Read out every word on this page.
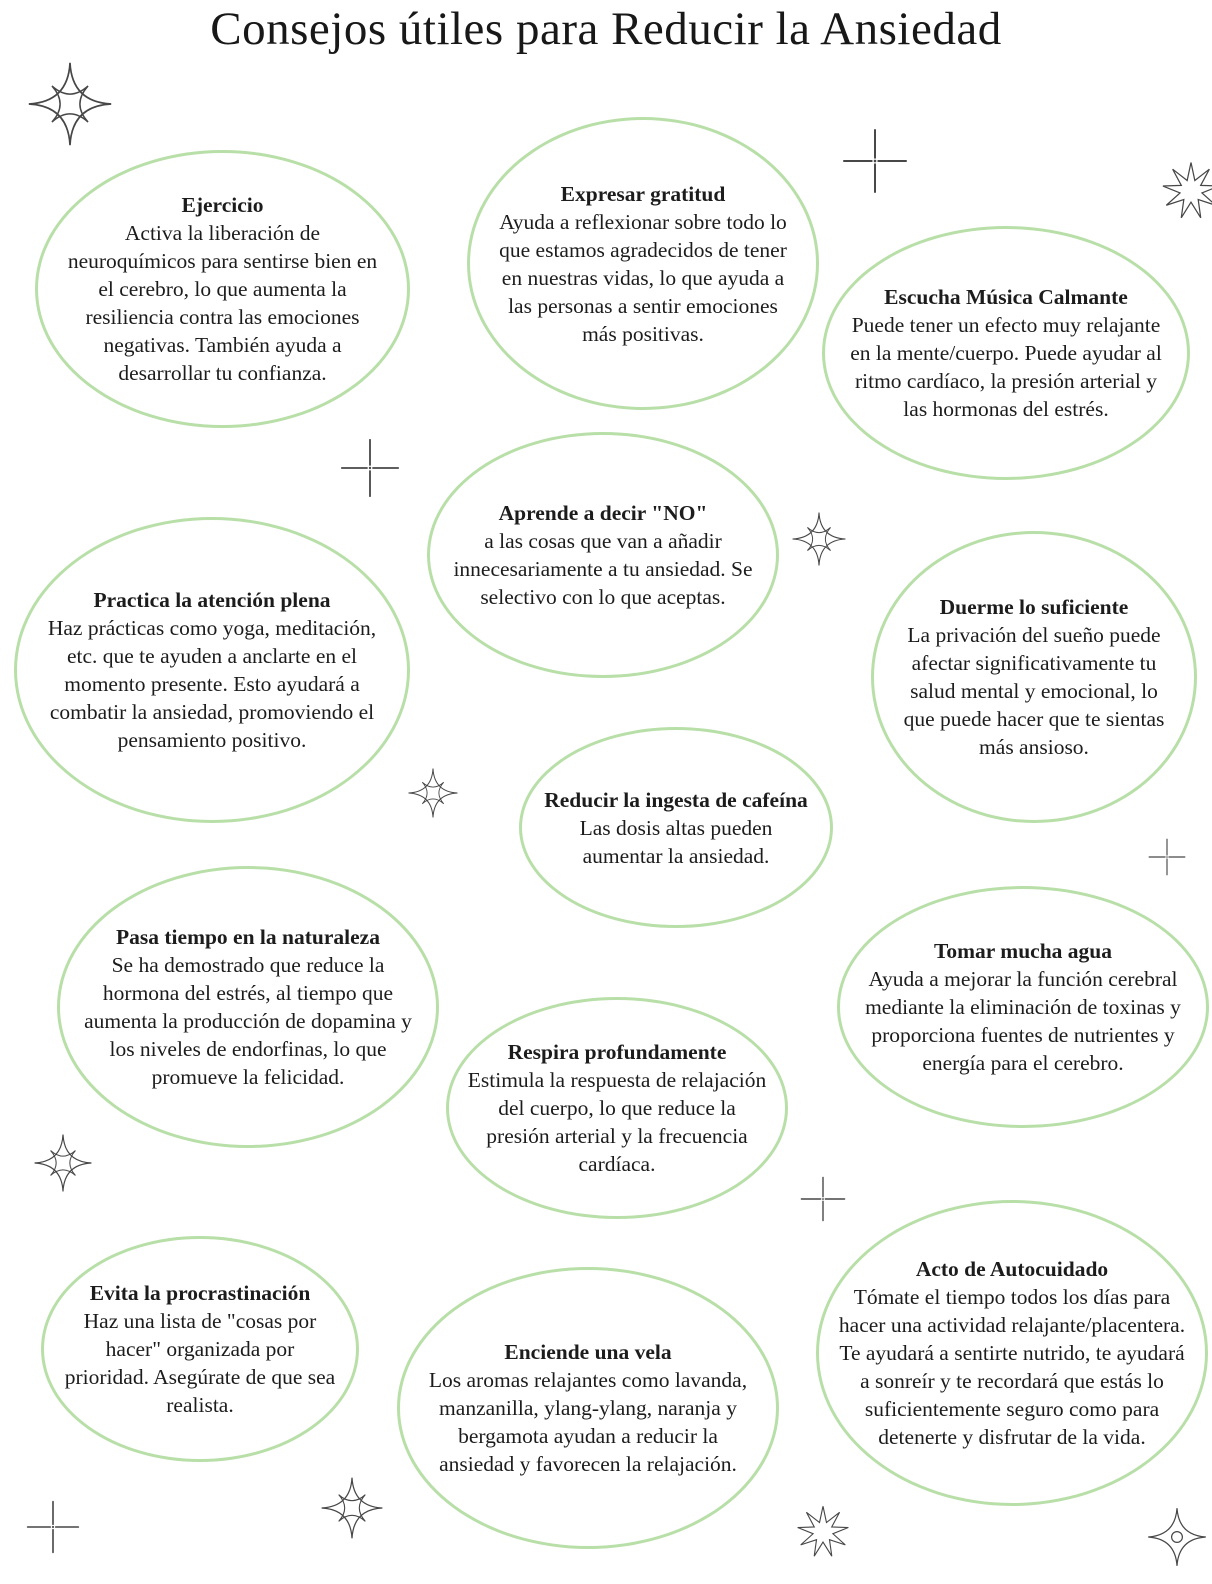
Consejos útiles para Reducir la Ansiedad
Ejercicio
Activa la liberación de neuroquímicos para sentirse bien en el cerebro, lo que aumenta la resiliencia contra las emociones negativas. También ayuda a desarrollar tu confianza.
Expresar gratitud
Ayuda a reflexionar sobre todo lo que estamos agradecidos de tener en nuestras vidas, lo que ayuda a las personas a sentir emociones más positivas.
Escucha Música Calmante
Puede tener un efecto muy relajante en la mente/cuerpo. Puede ayudar al ritmo cardíaco, la presión arterial y las hormonas del estrés.
Aprende a decir "NO"
a las cosas que van a añadir innecesariamente a tu ansiedad. Se selectivo con lo que aceptas.
Practica la atención plena
Haz prácticas como yoga, meditación, etc. que te ayuden a anclarte en el momento presente. Esto ayudará a combatir la ansiedad, promoviendo el pensamiento positivo.
Duerme lo suficiente
La privación del sueño puede afectar significativamente tu salud mental y emocional, lo que puede hacer que te sientas más ansioso.
Reducir la ingesta de cafeína
Las dosis altas pueden aumentar la ansiedad.
Pasa tiempo en la naturaleza
Se ha demostrado que reduce la hormona del estrés, al tiempo que aumenta la producción de dopamina y los niveles de endorfinas, lo que promueve la felicidad.
Tomar mucha agua
Ayuda a mejorar la función cerebral mediante la eliminación de toxinas y proporciona fuentes de nutrientes y energía para el cerebro.
Respira profundamente
Estimula la respuesta de relajación del cuerpo, lo que reduce la presión arterial y la frecuencia cardíaca.
Evita la procrastinación
Haz una lista de "cosas por hacer" organizada por prioridad. Asegúrate de que sea realista.
Enciende una vela
Los aromas relajantes como lavanda, manzanilla, ylang-ylang, naranja y bergamota ayudan a reducir la ansiedad y favorecen la relajación.
Acto de Autocuidado
Tómate el tiempo todos los días para hacer una actividad relajante/placentera. Te ayudará a sentirte nutrido, te ayudará a sonreír y te recordará que estás lo suficientemente seguro como para detenerte y disfrutar de la vida.
